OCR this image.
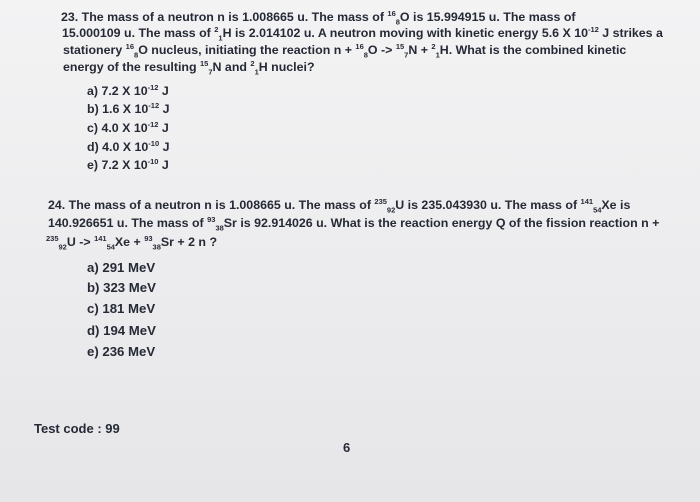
23. The mass of a neutron n is 1.008665 u. The mass of $^{16}_8$O is 15.994915 u. The mass of
15.000109 u. The mass of $^2_1$H is 2.014102 u. A neutron moving with kinetic energy 5.6 X $10^{-12}$ J strikes a
stationery $^{16}_8$O nucleus, initiating the reaction n + $^{16}_8$O -> $^{15}_7$N + $^2_1$H. What is the combined kinetic
energy of the resulting $^{15}_7$N and $^2_1$H nuclei?
a) 7.2 X $10^{-12}$ J
b) 1.6 X $10^{-12}$ J
c) 4.0 X $10^{-12}$ J
d) 4.0 X $10^{-10}$ J
e) 7.2 X $10^{-10}$ J
24. The mass of a neutron n is 1.008665 u. The mass of $^{235}_{92}$U is 235.043930 u. The mass of $^{141}_{54}$Xe is
140.926651 u. The mass of $^{93}_{38}$Sr is 92.914026 u. What is the reaction energy Q of the fission reaction n +
$^{235}_{92}$U -> $^{141}_{54}$Xe + $^{93}_{38}$Sr + 2 n ?
a) 291 MeV
b) 323 MeV
c) 181 MeV
d) 194 MeV
e) 236 MeV

Test code : 99
6
